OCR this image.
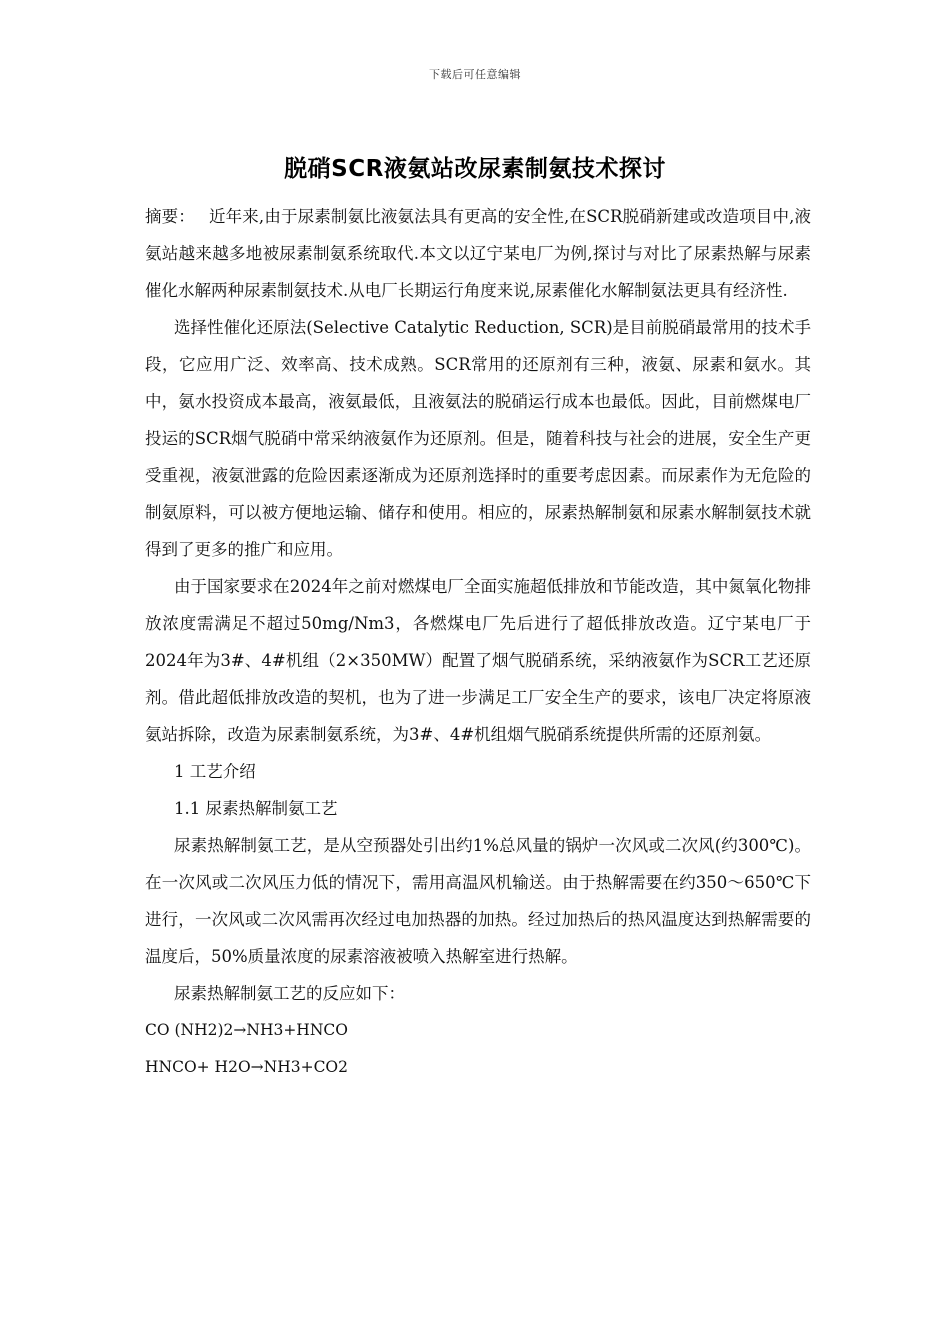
下载后可任意编辑
脱硝SCR液氨站改尿素制氨技术探讨

摘要： 近年来,由于尿素制氨比液氨法具有更高的安全性,在SCR脱硝新建或改造项目中,液氨站越来越多地被尿素制氨系统取代.本文以辽宁某电厂为例,探讨与对比了尿素热解与尿素催化水解两种尿素制氨技术.从电厂长期运行角度来说,尿素催化水解制氨法更具有经济性.

选择性催化还原法(Selective Catalytic Reduction, SCR)是目前脱硝最常用的技术手段，它应用广泛、效率高、技术成熟。SCR常用的还原剂有三种，液氨、尿素和氨水。其中，氨水投资成本最高，液氨最低，且液氨法的脱硝运行成本也最低。因此，目前燃煤电厂投运的SCR烟气脱硝中常采纳液氨作为还原剂。但是，随着科技与社会的进展，安全生产更受重视，液氨泄露的危险因素逐渐成为还原剂选择时的重要考虑因素。而尿素作为无危险的制氨原料，可以被方便地运输、储存和使用。相应的，尿素热解制氨和尿素水解制氨技术就得到了更多的推广和应用。

由于国家要求在2024年之前对燃煤电厂全面实施超低排放和节能改造，其中氮氧化物排放浓度需满足不超过50mg/Nm3，各燃煤电厂先后进行了超低排放改造。辽宁某电厂于2024年为3#、4#机组（2×350MW）配置了烟气脱硝系统，采纳液氨作为SCR工艺还原剂。借此超低排放改造的契机，也为了进一步满足工厂安全生产的要求，该电厂决定将原液氨站拆除，改造为尿素制氨系统，为3#、4#机组烟气脱硝系统提供所需的还原剂氨。

1 工艺介绍

1.1 尿素热解制氨工艺

尿素热解制氨工艺，是从空预器处引出约1%总风量的锅炉一次风或二次风(约300℃)。在一次风或二次风压力低的情况下，需用高温风机输送。由于热解需要在约350～650℃下进行，一次风或二次风需再次经过电加热器的加热。经过加热后的热风温度达到热解需要的温度后，50%质量浓度的尿素溶液被喷入热解室进行热解。

尿素热解制氨工艺的反应如下：

CO (NH2)2→NH3+HNCO

HNCO+ H2O→NH3+CO2
